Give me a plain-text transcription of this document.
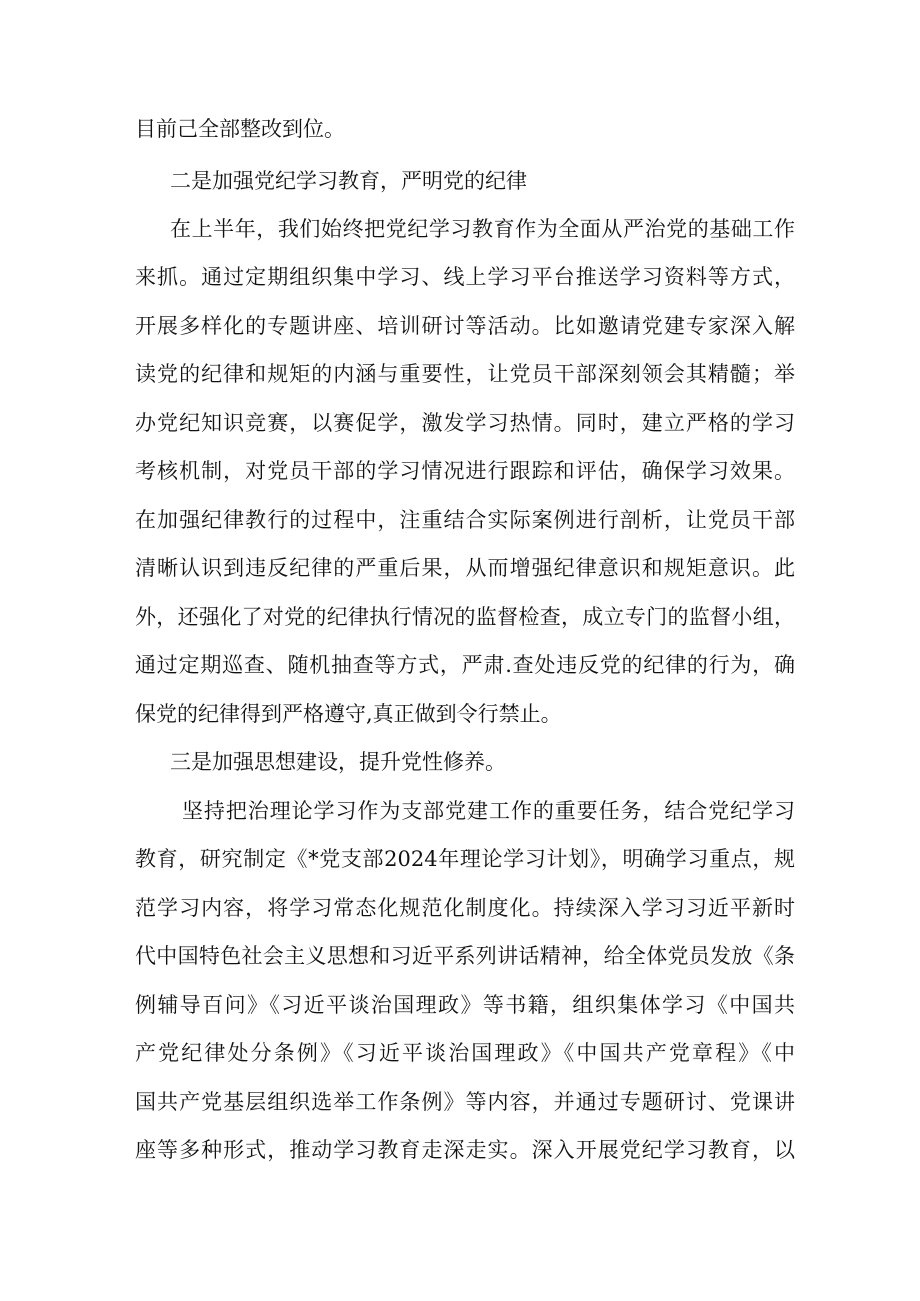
目前己全部整改到位。
二是加强党纪学习教育，严明党的纪律
在上半年，我们始终把党纪学习教育作为全面从严治党的基础工作
来抓。通过定期组织集中学习、线上学习平台推送学习资料等方式，
开展多样化的专题讲座、培训研讨等活动。比如邀请党建专家深入解
读党的纪律和规矩的内涵与重要性，让党员干部深刻领会其精髓；举
办党纪知识竞赛，以赛促学，激发学习热情。同时，建立严格的学习
考核机制，对党员干部的学习情况进行跟踪和评估，确保学习效果。
在加强纪律教行的过程中，注重结合实际案例进行剖析，让党员干部
清晰认识到违反纪律的严重后果，从而增强纪律意识和规矩意识。此
外，还强化了对党的纪律执行情况的监督检查，成立专门的监督小组，
通过定期巡查、随机抽查等方式，严肃.查处违反党的纪律的行为，确
保党的纪律得到严格遵守,真正做到令行禁止。
三是加强思想建设，提升党性修养。
坚持把治理论学习作为支部党建工作的重要任务，结合党纪学习
教育，研究制定《*党支部2024年理论学习计划》，明确学习重点，规
范学习内容，将学习常态化规范化制度化。持续深入学习习近平新时
代中国特色社会主义思想和习近平系列讲话精神，给全体党员发放《条
例辅导百问》《习近平谈治国理政》等书籍，组织集体学习《中国共
产党纪律处分条例》《习近平谈治国理政》《中国共产党章程》《中
国共产党基层组织选举工作条例》等内容，并通过专题研讨、党课讲
座等多种形式，推动学习教育走深走实。深入开展党纪学习教育，以
